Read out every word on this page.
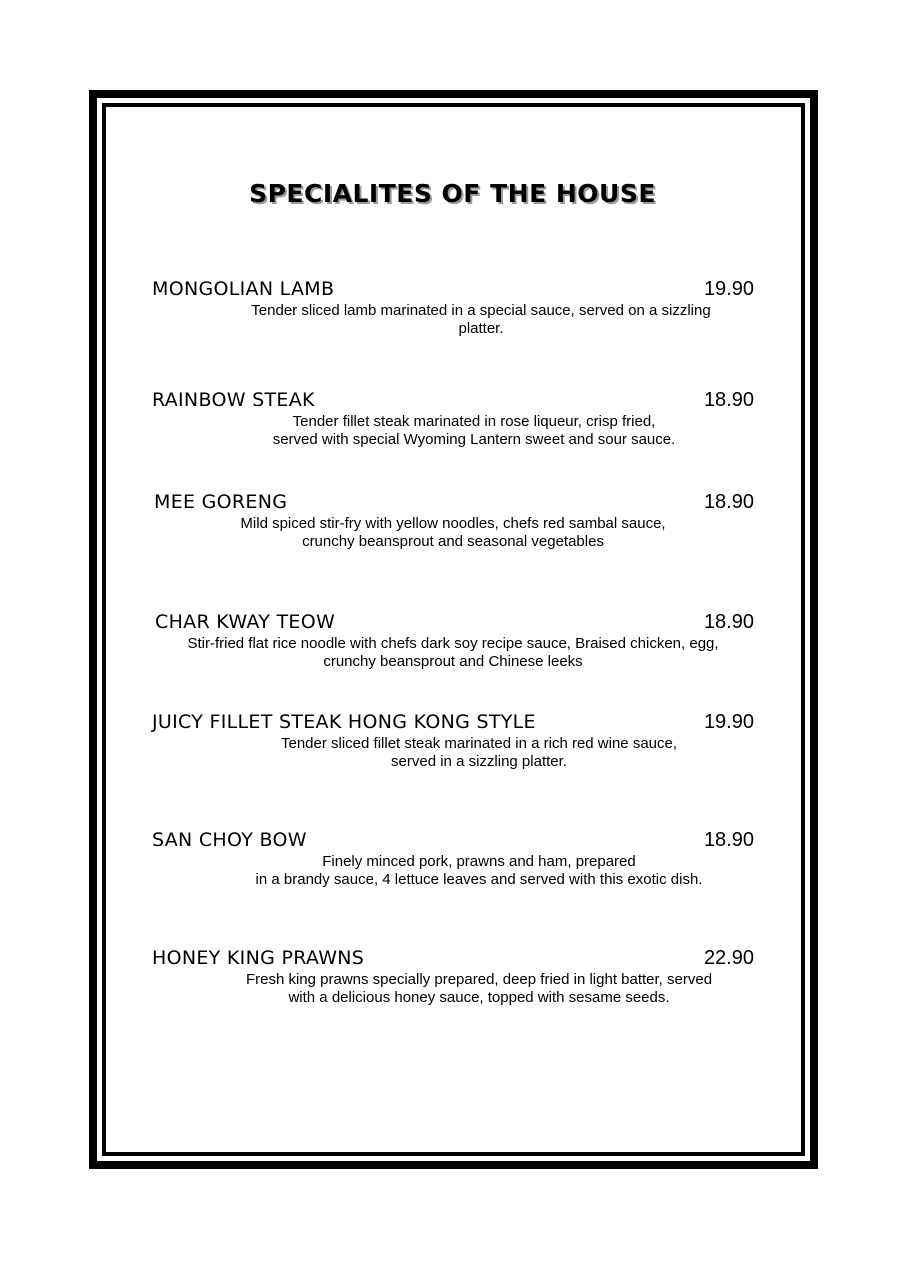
SPECIALITES OF THE HOUSE
MONGOLIAN LAMB	19.90
Tender sliced lamb marinated in a special sauce, served on a sizzling
platter.
RAINBOW STEAK	18.90
Tender fillet steak marinated in rose liqueur, crisp fried,
served with special Wyoming Lantern sweet and sour sauce.
MEE GORENG	18.90
Mild spiced stir-fry with yellow noodles, chefs red sambal sauce,
crunchy beansprout and seasonal vegetables
CHAR KWAY TEOW	18.90
Stir-fried flat rice noodle with chefs dark soy recipe sauce, Braised chicken, egg,
crunchy beansprout and Chinese leeks
JUICY FILLET STEAK HONG KONG STYLE	19.90
Tender sliced fillet steak marinated in a rich red wine sauce,
served in a sizzling platter.
SAN CHOY BOW	18.90
Finely minced pork, prawns and ham, prepared
in a brandy sauce, 4 lettuce leaves and served with this exotic dish.
HONEY KING PRAWNS	22.90
Fresh king prawns specially prepared, deep fried in light batter, served
with a delicious honey sauce, topped with sesame seeds.
